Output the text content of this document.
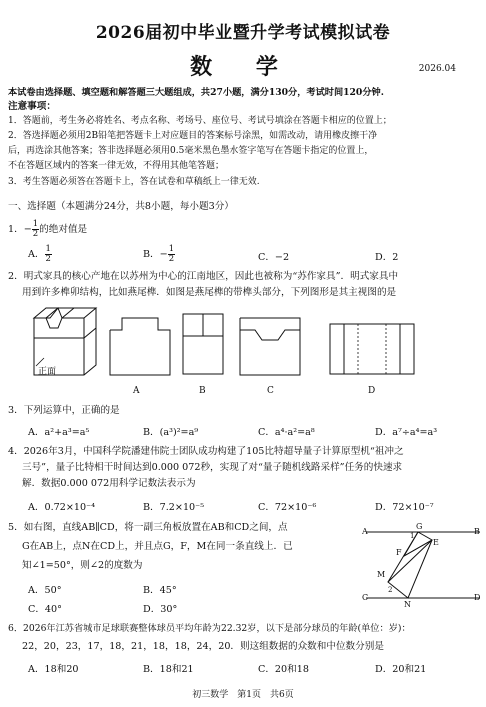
2026届初中毕业暨升学考试模拟试卷
数 学	2026.04
本试卷由选择题、填空题和解答题三大题组成，共27小题，满分130分，考试时间120分钟.
注意事项：
1．答题前，考生务必将姓名、考点名称、考场号、座位号、考试号填涂在答题卡相应的位置上；
2．答选择题必须用2B铅笔把答题卡上对应题目的答案标号涂黑，如需改动，请用橡皮擦干净
后，再选涂其他答案；答非选择题必须用0.5毫米黑色墨水签字笔写在答题卡指定的位置上，
不在答题区域内的答案一律无效，不得用其他笔答题；
3．考生答题必须答在答题卡上，答在试卷和草稿纸上一律无效.
一、选择题（本题满分24分，共8小题，每小题3分）
1．− $\frac{1}{2}$ 的绝对值是
A． $\frac{1}{2}$	B．− $\frac{1}{2}$	C．−2	D．2
2．明式家具的核心产地在以苏州为中心的江南地区，因此也被称为“苏作家具”．明式家具中
用到许多榫卯结构，比如燕尾榫．如图是燕尾榫的带榫头部分，下列图形是其主视图的是
正面
A	B	C	D
3．下列运算中，正确的是
A．a²+a³=a⁵	B．(a³)²=a⁹	C．a⁴·a²=a⁸	D．a⁷÷a⁴=a³
4．2026年3月，中国科学院潘建伟院士团队成功构建了105比特超导量子计算原型机“祖冲之
三号”，量子比特相干时间达到0.000 072秒，实现了对“量子随机线路采样”任务的快速求
解．数据0.000 072用科学记数法表示为
A．0.72×10⁻⁴	B．7.2×10⁻⁵	C．72×10⁻⁶	D．72×10⁻⁷
5．如右图，直线AB∥CD，将一副三角板放置在AB和CD之间，点
G在AB上，点N在CD上，并且点G，F，M在同一条直线上．已
知∠1=50°，则∠2的度数为
A．50°	B．45°
C．40°	D．30°
A	B
G
1
E
F
M
2
C
N
D
6．2026年江苏省城市足球联赛整体球员平均年龄为22.32岁，以下是部分球员的年龄(单位：岁)：
22，20，23，17，18，21，18，18，24，20．则这组数据的众数和中位数分别是
A．18和20	B．18和21	C．20和18	D．20和21
初三数学　第1页　共6页
